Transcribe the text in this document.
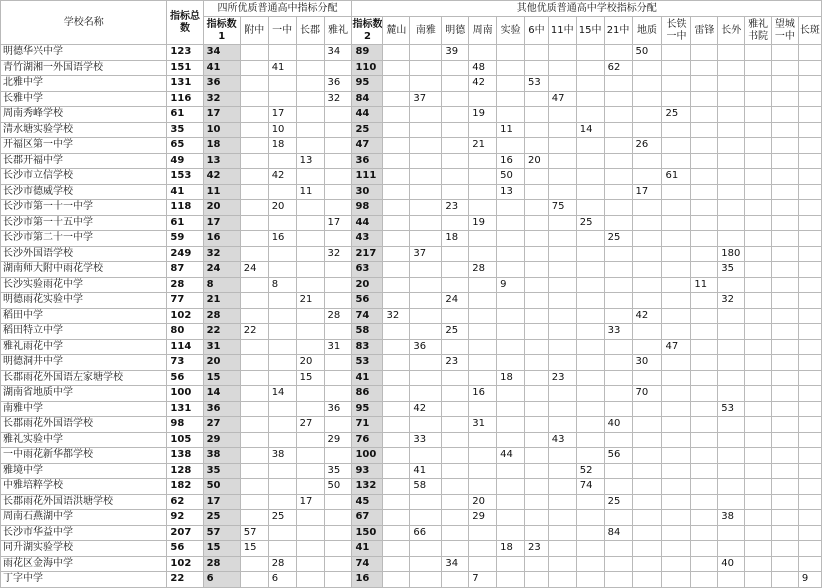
学校名称	指标总数	四所优质普通高中指标分配					其他优质普通高中学校指标分配																
		指标数1	附中	一中	长郡	雅礼	指标数2	麓山	南雅	明德	周南	实验	6中	11中	15中	21中	地质	长铁一中	雷锋	长外	雅礼书院	望城一中	长斑
明德华兴中学	123	34				34	89			39							50						
青竹湖湘一外国语学校	151	41		41			110				48					62							
北雅中学	131	36				36	95				42		53										
长雅中学	116	32				32	84		37					47									
周南秀峰学校	61	17		17			44				19							25					
清水塘实验学校	35	10		10			25					11			14								
开福区第一中学	65	18		18			47				21						26						
长郡开福中学	49	13			13		36					16	20										
长沙市立信学校	153	42		42			111					50						61					
长沙市德威学校	41	11			11		30					13					17						
长沙市第一十一中学	118	20		20			98			23				75									
长沙市第一十五中学	61	17				17	44				19				25								
长沙市第二十一中学	59	16		16			43			18						25							
长沙外国语学校	249	32				32	217		37											180			
湖南师大附中雨花学校	87	24	24				63				28									35			
长沙实验雨花中学	28	8		8			20					9							11				
明德雨花实验中学	77	21			21		56			24										32			
稻田中学	102	28				28	74	32									42						
稻田特立中学	80	22	22				58			25						33							
雅礼雨花中学	114	31				31	83		36									47					
明德洞井中学	73	20			20		53			23							30						
长郡雨花外国语左家塘学校	56	15			15		41					18		23									
湖南省地质中学	100	14		14			86				16						70						
南雅中学	131	36				36	95		42											53			
长郡雨花外国语学校	98	27			27		71				31					40							
雅礼实验中学	105	29				29	76		33					43									
一中雨花新华都学校	138	38		38			100					44				56							
雅境中学	128	35				35	93		41						52								
中雅培粹学校	182	50				50	132		58						74								
长郡雨花外国语洪塘学校	62	17			17		45				20					25							
周南石燕湖中学	92	25		25			67				29									38			
长沙市华益中学	207	57	57				150		66							84							
同升湖实验学校	56	15	15				41					18	23										
雨花区金海中学	102	28		28			74			34										40			
丁字中学	22	6		6			16				7												9
